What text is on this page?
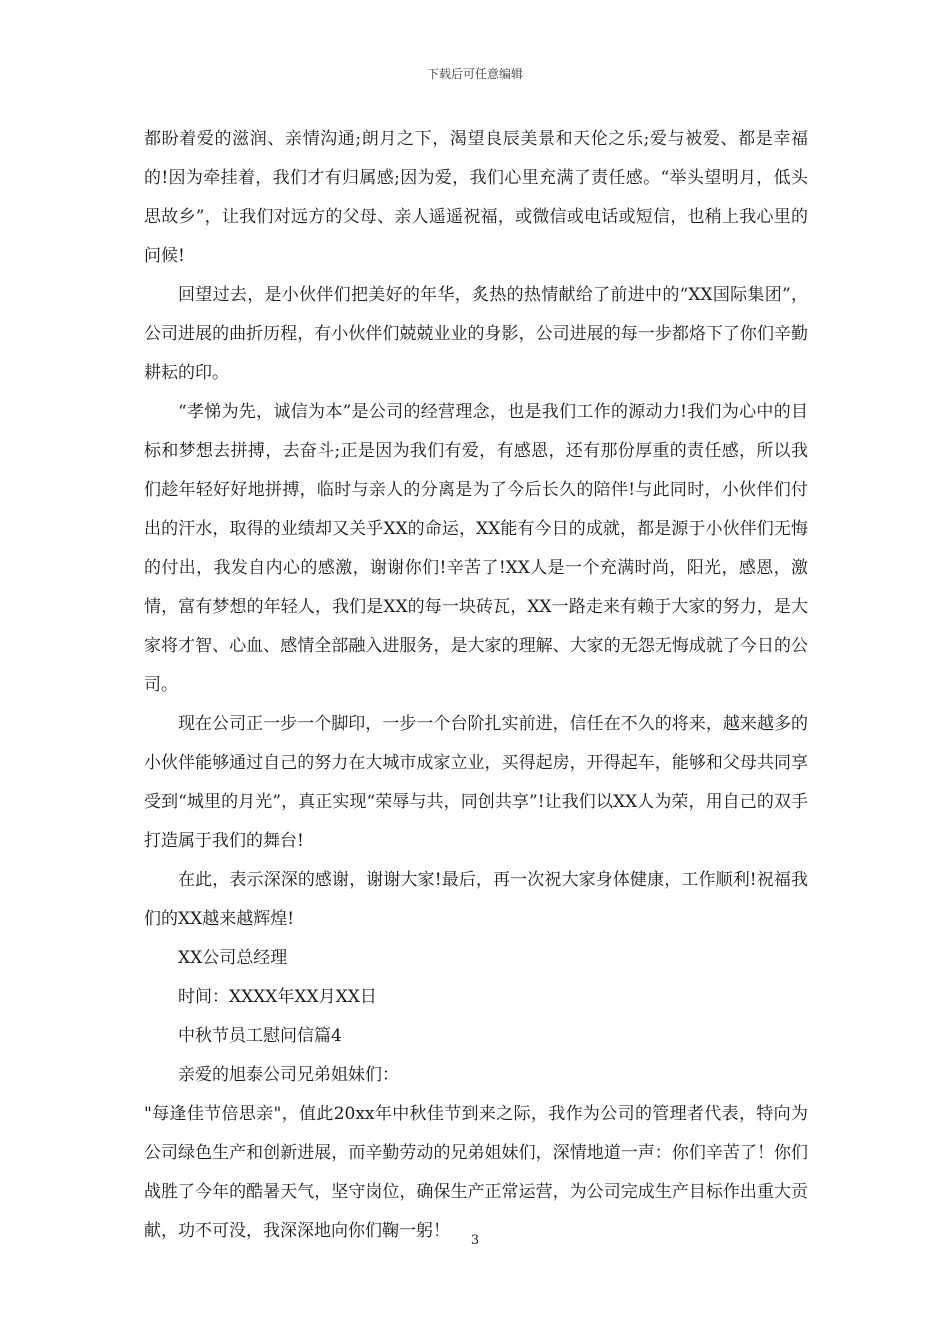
下载后可任意编辑

都盼着爱的滋润、亲情沟通;朗月之下，渴望良辰美景和天伦之乐;爱与被爱、都是幸福的!因为牵挂着，我们才有归属感;因为爱，我们心里充满了责任感。“举头望明月，低头思故乡”，让我们对远方的父母、亲人遥遥祝福，或微信或电话或短信，也稍上我心里的问候!

回望过去，是小伙伴们把美好的年华，炙热的热情献给了前进中的“XX国际集团”，公司进展的曲折历程，有小伙伴们兢兢业业的身影，公司进展的每一步都烙下了你们辛勤耕耘的印。

“孝悌为先，诚信为本”是公司的经营理念，也是我们工作的源动力!我们为心中的目标和梦想去拼搏，去奋斗;正是因为我们有爱，有感恩，还有那份厚重的责任感，所以我们趁年轻好好地拼搏，临时与亲人的分离是为了今后长久的陪伴!与此同时，小伙伴们付出的汗水，取得的业绩却又关乎XX的命运，XX能有今日的成就，都是源于小伙伴们无悔的付出，我发自内心的感激，谢谢你们!辛苦了!XX人是一个充满时尚，阳光，感恩，激情，富有梦想的年轻人，我们是XX的每一块砖瓦，XX一路走来有赖于大家的努力，是大家将才智、心血、感情全部融入进服务，是大家的理解、大家的无怨无悔成就了今日的公司。

现在公司正一步一个脚印，一步一个台阶扎实前进，信任在不久的将来，越来越多的小伙伴能够通过自己的努力在大城市成家立业，买得起房，开得起车，能够和父母共同享受到“城里的月光”，真正实现“荣辱与共，同创共享”!让我们以XX人为荣，用自己的双手打造属于我们的舞台!

在此，表示深深的感谢，谢谢大家!最后，再一次祝大家身体健康，工作顺利!祝福我们的XX越来越辉煌!

XX公司总经理

时间：XXXX年XX月XX日

中秋节员工慰问信篇4

亲爱的旭泰公司兄弟姐妹们：

"每逢佳节倍思亲"，值此20xx年中秋佳节到来之际，我作为公司的管理者代表，特向为公司绿色生产和创新进展，而辛勤劳动的兄弟姐妹们，深情地道一声：你们辛苦了！你们战胜了今年的酷暑天气，坚守岗位，确保生产正常运营，为公司完成生产目标作出重大贡献，功不可没，我深深地向你们鞠一躬！	3
